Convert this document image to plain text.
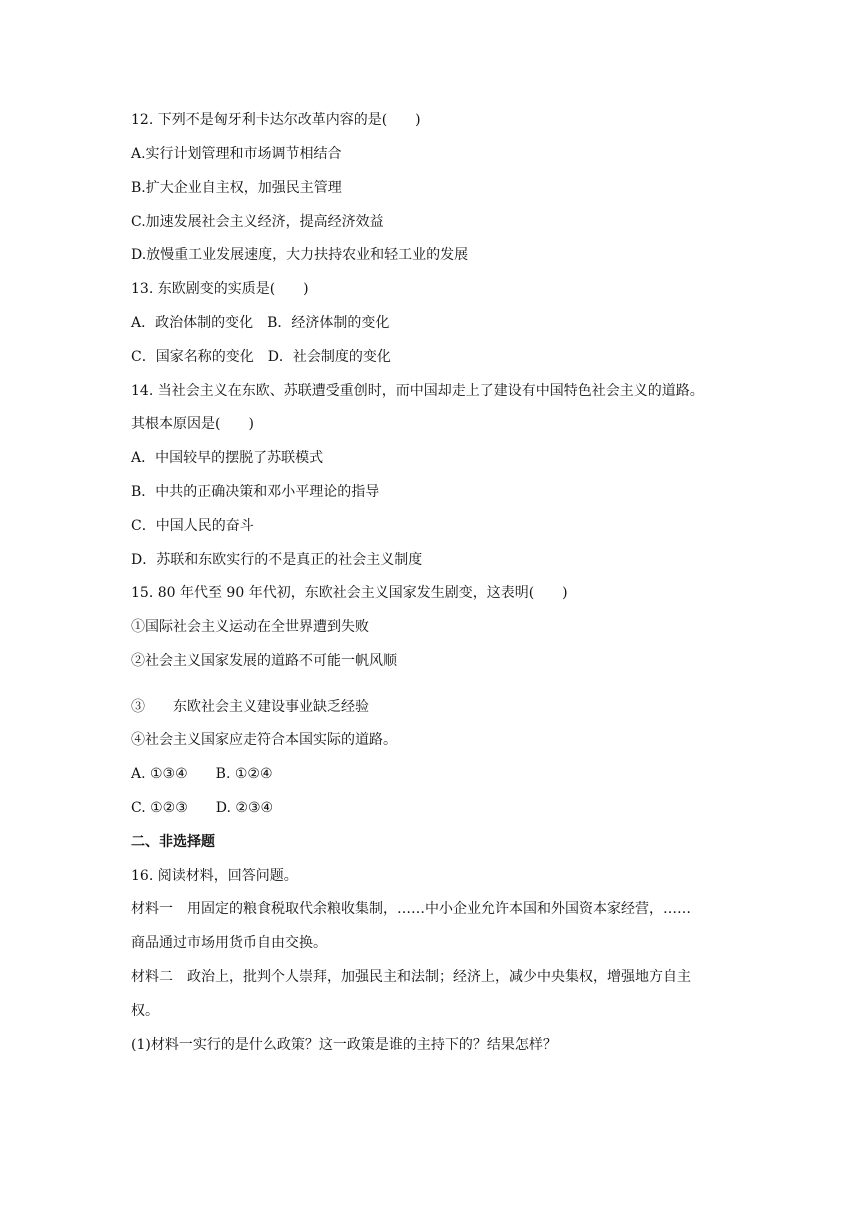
12. 下列不是匈牙利卡达尔改革内容的是(　　)
A.实行计划管理和市场调节相结合
B.扩大企业自主权，加强民主管理
C.加速发展社会主义经济，提高经济效益
D.放慢重工业发展速度，大力扶持农业和轻工业的发展
13. 东欧剧变的实质是(　　)
A．政治体制的变化　B．经济体制的变化
C．国家名称的变化　D．社会制度的变化
14. 当社会主义在东欧、苏联遭受重创时，而中国却走上了建设有中国特色社会主义的道路。
其根本原因是(　　)
A．中国较早的摆脱了苏联模式
B．中共的正确决策和邓小平理论的指导
C．中国人民的奋斗
D．苏联和东欧实行的不是真正的社会主义制度
15. 80 年代至 90 年代初，东欧社会主义国家发生剧变，这表明(　　)
①国际社会主义运动在全世界遭到失败
②社会主义国家发展的道路不可能一帆风顺
③　　东欧社会主义建设事业缺乏经验
④社会主义国家应走符合本国实际的道路。
A. ①③④　　B. ①②④
C. ①②③　　D. ②③④
二、非选择题
16. 阅读材料，回答问题。
材料一　用固定的粮食税取代余粮收集制，……中小企业允许本国和外国资本家经营，……
商品通过市场用货币自由交换。
材料二　政治上，批判个人崇拜，加强民主和法制；经济上，减少中央集权，增强地方自主
权。
(1)材料一实行的是什么政策？这一政策是谁的主持下的？结果怎样？
